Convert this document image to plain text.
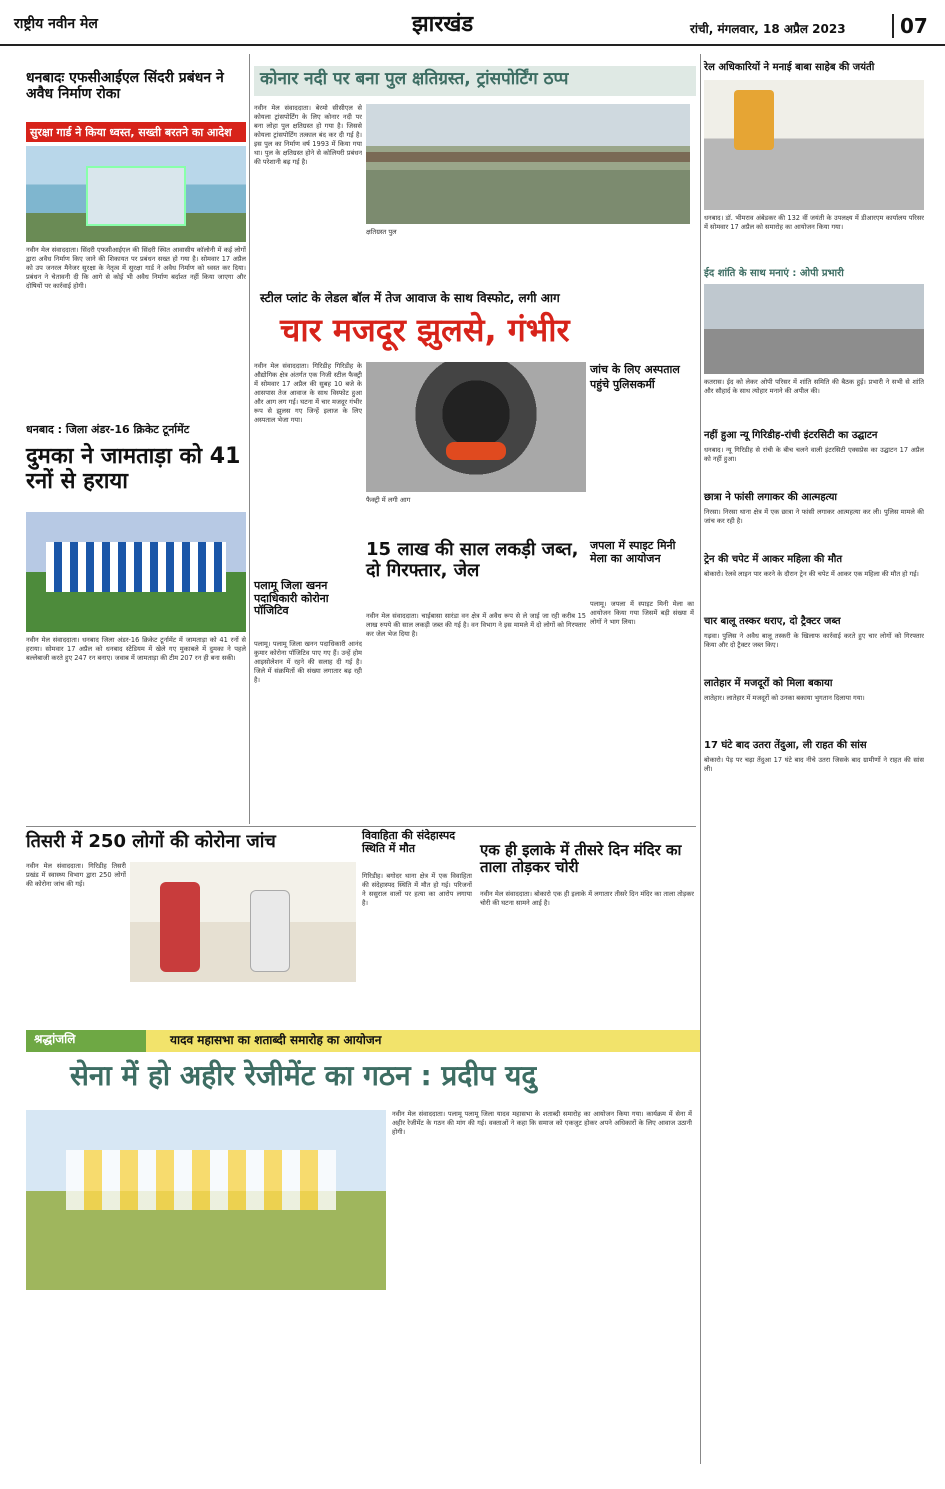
राष्ट्रीय नवीन मेल	झारखंड	रांची, मंगलवार, 18 अप्रैल 2023	07
धनबादः एफसीआईएल सिंदरी प्रबंधन ने अवैध निर्माण रोका
सुरक्षा गार्ड ने किया ध्वस्त, सख्ती बरतने का आदेश
नवीन मेल संवाददाता। सिंदरी एफसीआईएल की सिंदरी स्थित आवासीय कॉलोनी में कई लोगों द्वारा अवैध निर्माण किए जाने की शिकायत पर प्रबंधन सख्त हो गया है। सोमवार 17 अप्रैल को उप जनरल मैनेजर सुरक्षा के नेतृत्व में सुरक्षा गार्ड ने अवैध निर्माण को ध्वस्त कर दिया। प्रबंधन ने चेतावनी दी कि आगे से कोई भी अवैध निर्माण बर्दाश्त नहीं किया जाएगा और दोषियों पर कार्रवाई होगी।
कोनार नदी पर बना पुल क्षतिग्रस्त, ट्रांसपोर्टिंग ठप्प
नवीन मेल संवाददाता। बेरमो सीसीएल से कोयला ट्रांसपोर्टिंग के लिए कोनार नदी पर बना लोहा पुल क्षतिग्रस्त हो गया है। जिससे कोयला ट्रांसपोर्टिंग तत्काल बंद कर दी गई है। इस पुल का निर्माण वर्ष 1993 में किया गया था। पुल के क्षतिग्रस्त होने से कोलियरी प्रबंधन की परेशानी बढ़ गई है।
क्षतिग्रस्त पुल
स्टील प्लांट के लेडल बॉल में तेज आवाज के साथ विस्फोट, लगी आग
चार मजदूर झुलसे, गंभीर
नवीन मेल संवाददाता। गिरिडीह गिरिडीह के औद्योगिक क्षेत्र अंतर्गत एक निजी स्टील फैक्ट्री में सोमवार 17 अप्रैल की सुबह 10 बजे के आसपास तेज आवाज के साथ विस्फोट हुआ और आग लग गई। घटना में चार मजदूर गंभीर रूप से झुलस गए जिन्हें इलाज के लिए अस्पताल भेजा गया।
फैक्ट्री में लगी आग
जांच के लिए अस्पताल पहुंचे पुलिसकर्मी
धनबाद : जिला अंडर-16 क्रिकेट टूर्नामेंट
दुमका ने जामताड़ा को 41 रनों से हराया
नवीन मेल संवाददाता। धनबाद जिला अंडर-16 क्रिकेट टूर्नामेंट में जामताड़ा को 41 रनों से हराया। सोमवार 17 अप्रैल को धनबाद स्टेडियम में खेले गए मुकाबले में दुमका ने पहले बल्लेबाजी करते हुए 247 रन बनाए। जवाब में जामताड़ा की टीम 207 रन ही बना सकी।
पलामू जिला खनन पदाधिकारी कोरोना पॉजिटिव
पलामू। पलामू जिला खनन पदाधिकारी आनंद कुमार कोरोना पॉजिटिव पाए गए हैं। उन्हें होम आइसोलेशन में रहने की सलाह दी गई है। जिले में संक्रमितों की संख्या लगातार बढ़ रही है।
15 लाख की साल लकड़ी जब्त, दो गिरफ्तार, जेल
नवीन मेल संवाददाता। चाईबासा सारंडा वन क्षेत्र में अवैध रूप से ले जाई जा रही करीब 15 लाख रुपये की साल लकड़ी जब्त की गई है। वन विभाग ने इस मामले में दो लोगों को गिरफ्तार कर जेल भेज दिया है।
जपला में स्पाइट मिनी मेला का आयोजन
पलामू। जपला में स्पाइट मिनी मेला का आयोजन किया गया जिसमें बड़ी संख्या में लोगों ने भाग लिया।
तिसरी में 250 लोगों की कोरोना जांच
नवीन मेल संवाददाता। गिरिडीह तिसरी प्रखंड में स्वास्थ्य विभाग द्वारा 250 लोगों की कोरोना जांच की गई।
विवाहिता की संदेहास्पद स्थिति में मौत
गिरिडीह। बगोदर थाना क्षेत्र में एक विवाहिता की संदेहास्पद स्थिति में मौत हो गई। परिजनों ने ससुराल वालों पर हत्या का आरोप लगाया है।
एक ही इलाके में तीसरे दिन मंदिर का ताला तोड़कर चोरी
नवीन मेल संवाददाता। बोकारो एक ही इलाके में लगातार तीसरे दिन मंदिर का ताला तोड़कर चोरी की घटना सामने आई है।
रेल अधिकारियों ने मनाई बाबा साहेब की जयंती
धनबाद। डॉ. भीमराव अंबेडकर की 132 वीं जयंती के उपलक्ष्य में डीआरएम कार्यालय परिसर में सोमवार 17 अप्रैल को समारोह का आयोजन किया गया।
ईद शांति के साथ मनाएं : ओपी प्रभारी
कतरास। ईद को लेकर ओपी परिसर में शांति समिति की बैठक हुई। प्रभारी ने सभी से शांति और सौहार्द के साथ त्योहार मनाने की अपील की।
नहीं हुआ न्यू गिरिडीह-रांची इंटरसिटी का उद्घाटन
धनबाद। न्यू गिरिडीह से रांची के बीच चलने वाली इंटरसिटी एक्सप्रेस का उद्घाटन 17 अप्रैल को नहीं हुआ।
छात्रा ने फांसी लगाकर की आत्महत्या
निरसा। निरसा थाना क्षेत्र में एक छात्रा ने फांसी लगाकर आत्महत्या कर ली। पुलिस मामले की जांच कर रही है।
ट्रेन की चपेट में आकर महिला की मौत
बोकारो। रेलवे लाइन पार करने के दौरान ट्रेन की चपेट में आकर एक महिला की मौत हो गई।
चार बालू तस्कर धराए, दो ट्रैक्टर जब्त
गढ़वा। पुलिस ने अवैध बालू तस्करी के खिलाफ कार्रवाई करते हुए चार लोगों को गिरफ्तार किया और दो ट्रैक्टर जब्त किए।
लातेहार में मजदूरों को मिला बकाया
लातेहार। लातेहार में मजदूरों को उनका बकाया भुगतान दिलाया गया।
17 घंटे बाद उतरा तेंदुआ, ली राहत की सांस
बोकारो। पेड़ पर चढ़ा तेंदुआ 17 घंटे बाद नीचे उतरा जिसके बाद ग्रामीणों ने राहत की सांस ली।
श्रद्धांजलि	यादव महासभा का शताब्दी समारोह का आयोजन
सेना में हो अहीर रेजीमेंट का गठन : प्रदीप यदु
नवीन मेल संवाददाता। पलामू पलामू जिला यादव महासभा के शताब्दी समारोह का आयोजन किया गया। कार्यक्रम में सेना में अहीर रेजीमेंट के गठन की मांग की गई। वक्ताओं ने कहा कि समाज को एकजुट होकर अपने अधिकारों के लिए आवाज उठानी होगी।
